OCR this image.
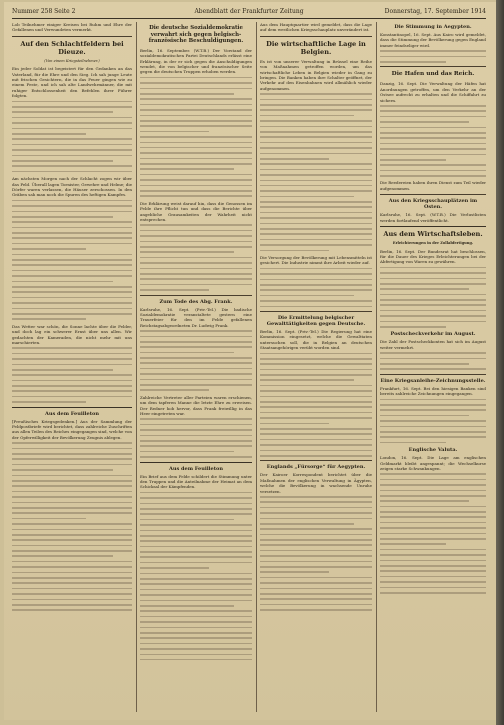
Nummer 258 Seite 2	Abendblatt der Frankfurter Zeitung	Donnerstag, 17. September 1914

Lob Teilnehmer einiger Kreisen bei Ruhm und Ehre der Gefallenen und Verwundeten vermerkt.

Auf den Schlachtfeldern bei Dieuze.
(Von einem Kriegsteilnehmer.)

Ein jeder Soldat ist begeistert für den Gedanken an das Vaterland, für die Ehre und den Sieg. Ich sah junge Leute mit frischen Gesichtern, die in das Feuer gingen wie zu einem Feste, und ich sah alte Landwehrmänner, die mit ruhiger Entschlossenheit den Befehlen ihrer Führer folgten.

Am nächsten Morgen nach der Schlacht zogen wir über das Feld. Überall lagen Tornister, Gewehre und Helme; die Dörfer waren verlassen, die Häuser zerschossen. In den Gräben sah man noch die Spuren des heftigen Kampfes.

Das Wetter war schön, die Sonne lachte über die Felder, und doch lag ein schwerer Ernst über uns allen. Wir gedachten der Kameraden, die nicht mehr mit uns marschierten.

Aus dem Feuilleton

[Preußisches Kriegsgedenken.] Aus der Sammlung der Feldpostbriefe wird berichtet, dass zahlreiche Zuschriften aus allen Teilen des Reiches eingegangen sind, welche von der Opferwilligkeit der Bevölkerung Zeugnis ablegen.

Die deutsche Sozialdemokratie verwahrt sich gegen belgisch-französische Beschuldigungen.

Berlin, 16. September. (W.T.B.) Der Vorstand der sozialdemokratischen Partei Deutschlands erlässt eine Erklärung, in der er sich gegen die Anschuldigungen wendet, die von belgischer und französischer Seite gegen die deutschen Truppen erhoben werden.

Die Erklärung weist darauf hin, dass die Genossen im Felde ihre Pflicht tun und dass die Berichte über angebliche Grausamkeiten der Wahrheit nicht entsprechen.

Zum Tode des Abg. Frank.

Karlsruhe, 16. Sept. (Priv.-Tel.) Die badische Sozialdemokratie veranstaltete gestern eine Trauerfeier für den im Felde gefallenen Reichstagsabgeordneten Dr. Ludwig Frank.

Zahlreiche Vertreter aller Parteien waren erschienen, um dem tapferen Manne die letzte Ehre zu erweisen. Der Redner hob hervor, dass Frank freiwillig in das Heer eingetreten war.

Aus dem Feuilleton

Ein Brief aus dem Felde schildert die Stimmung unter den Truppen und die Anteilnahme der Heimat an dem Schicksal der Kämpfenden.

Aus dem Hauptquartier wird gemeldet, dass die Lage auf dem westlichen Kriegsschauplatz unverändert ist.

Die wirtschaftliche Lage in Belgien.

Es ist von unserer Verwaltung in Brüssel eine Reihe von Maßnahmen getroffen worden, um das wirtschaftliche Leben in Belgien wieder in Gang zu bringen. Die Banken haben ihre Schalter geöffnet, der Verkehr auf den Eisenbahnen wird allmählich wieder aufgenommen.

Die Versorgung der Bevölkerung mit Lebensmitteln ist gesichert. Die Industrie nimmt ihre Arbeit wieder auf.

Die Ermittelung belgischer Gewalttätigkeiten gegen Deutsche.

Berlin, 16. Sept. (Priv.-Tel.) Die Regierung hat eine Kommission eingesetzt, welche die Gewalttaten untersuchen soll, die in Belgien an deutschen Staatsangehörigen verübt worden sind.

Englands „Fürsorge“ für Aegypten.

Der Kairoer Korrespondent berichtet über die Maßnahmen der englischen Verwaltung in Ägypten, welche die Bevölkerung in wachsende Unruhe versetzen.

Die Stimmung in Aegypten.

Konstantinopel, 16. Sept. Aus Kairo wird gemeldet, dass die Stimmung der Bevölkerung gegen England immer feindseliger wird.

Die Hafen und das Reich.

Danzig, 16. Sept. Die Verwaltung der Häfen hat Anordnungen getroffen, um den Verkehr an der Ostsee aufrecht zu erhalten und die Schiffahrt zu sichern.

Die Reedereien haben ihren Dienst zum Teil wieder aufgenommen.

Aus den Kriegsschauplätzen im Osten.

Karlsruhe, 16. Sept. (W.T.B.) Die Verlustlisten werden fortlaufend veröffentlicht.

Aus dem Wirtschaftsleben.
Erleichterungen in der Zollabfertigung.

Berlin, 16. Sept. Der Bundesrat hat beschlossen, für die Dauer des Krieges Erleichterungen bei der Abfertigung von Waren zu gewähren.

Postscheckverkehr im August.

Die Zahl der Postscheckkonten hat sich im August weiter vermehrt.

Eine Kriegsanleihe-Zeichnungsstelle.

Frankfurt, 16. Sept. Bei den hiesigen Banken sind bereits zahlreiche Zeichnungen eingegangen.

Englische Valuta.

London, 16. Sept. Die Lage am englischen Geldmarkt bleibt angespannt; die Wechselkurse zeigen starke Schwankungen.
